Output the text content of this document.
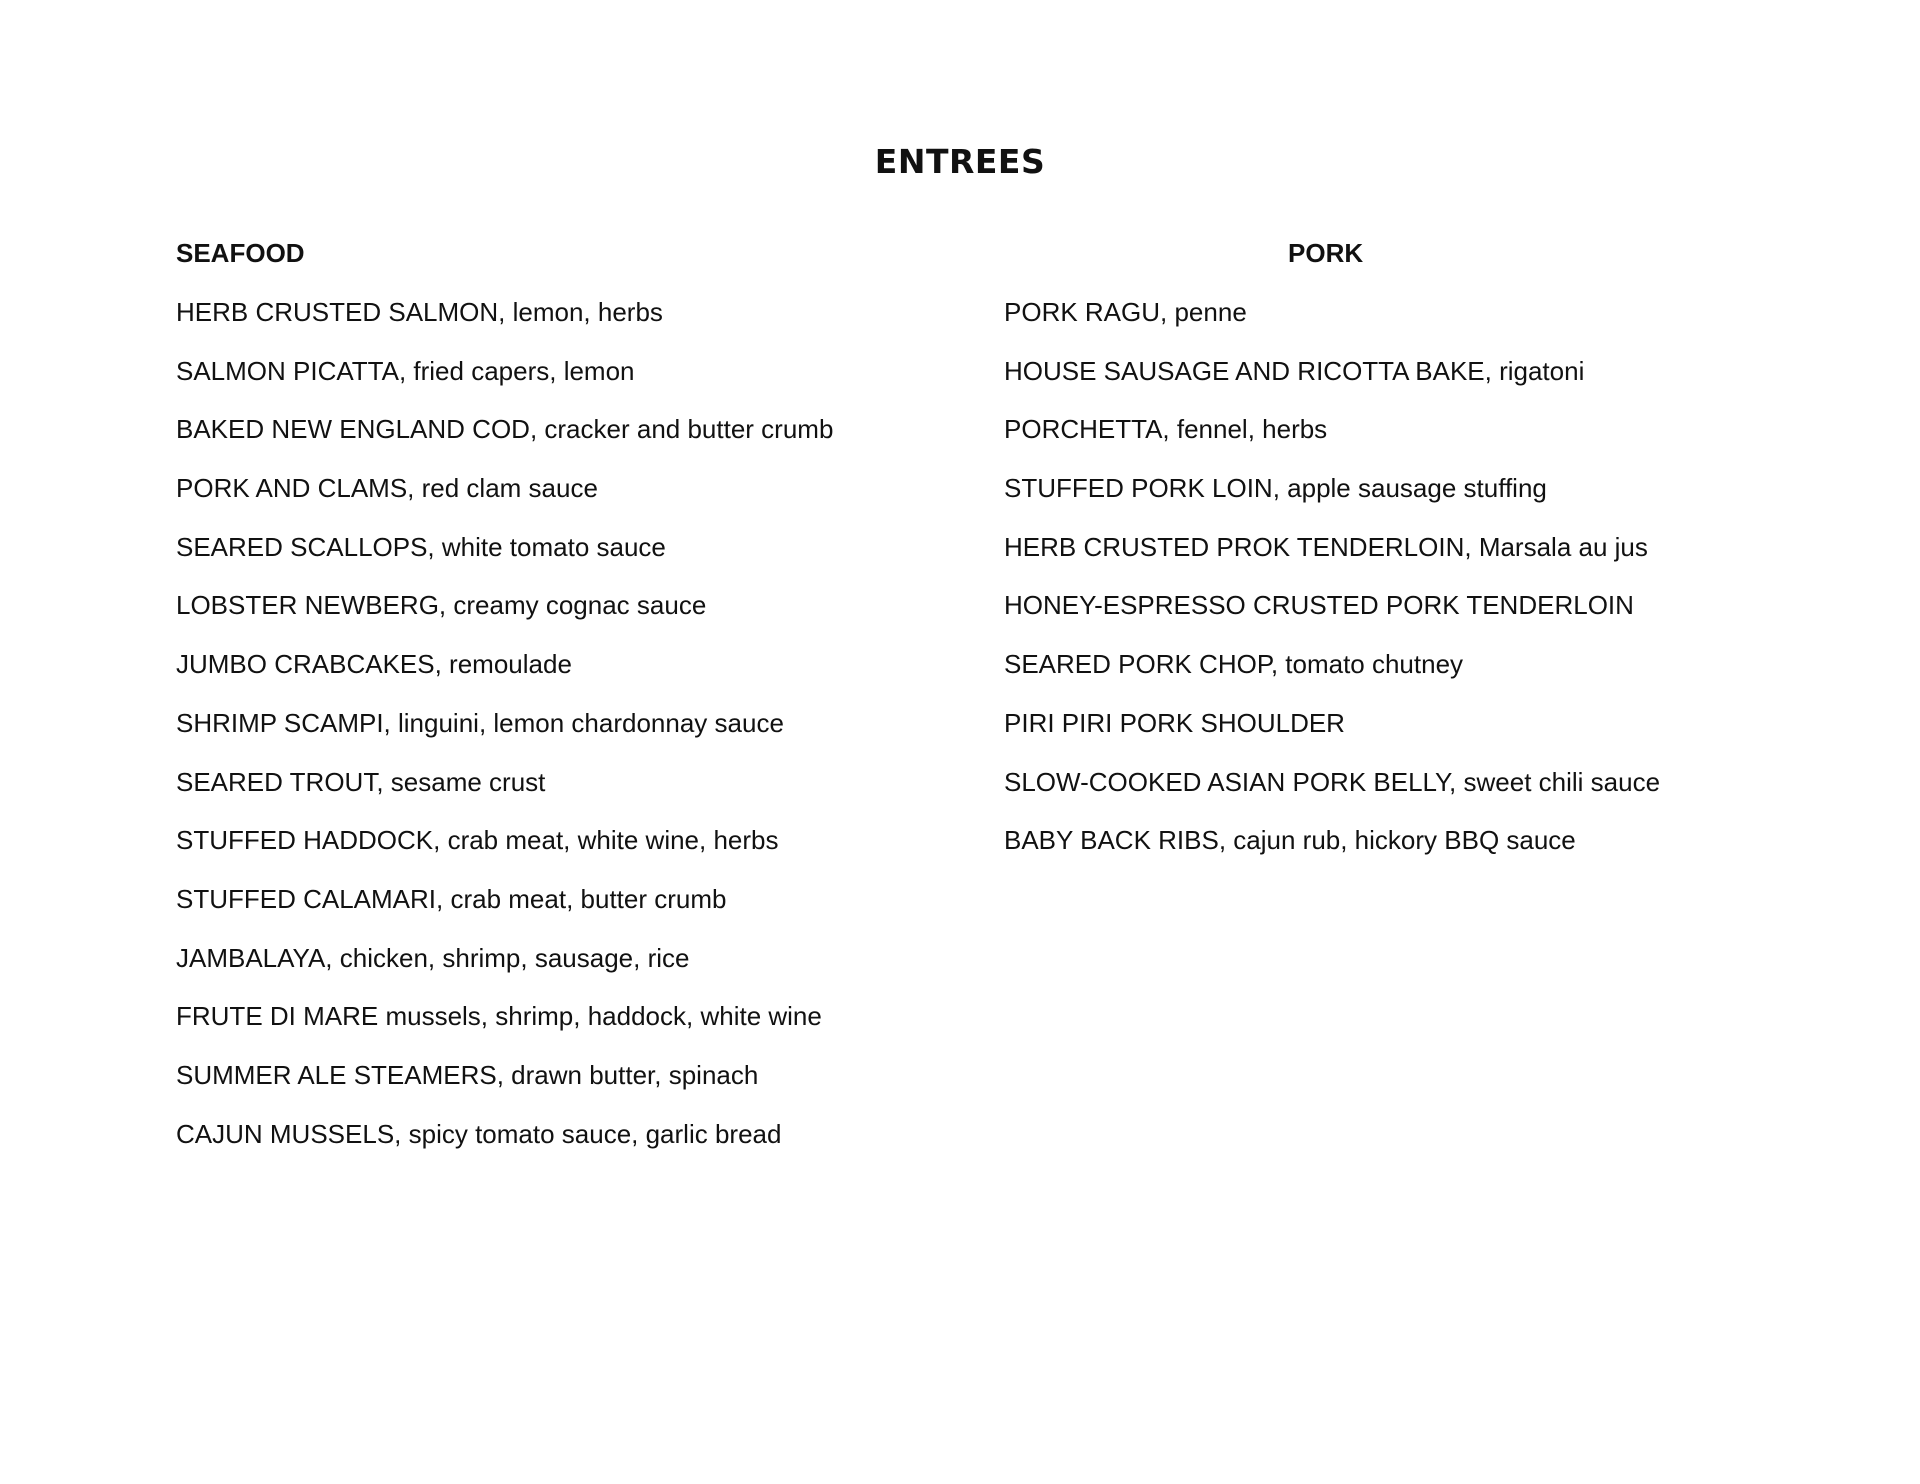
ENTREES
SEAFOOD
HERB CRUSTED SALMON, lemon, herbs
SALMON PICATTA, fried capers, lemon
BAKED NEW ENGLAND COD, cracker and butter crumb
PORK AND CLAMS, red clam sauce
SEARED SCALLOPS, white tomato sauce
LOBSTER NEWBERG, creamy cognac sauce
JUMBO CRABCAKES, remoulade
SHRIMP SCAMPI, linguini, lemon chardonnay sauce
SEARED TROUT, sesame crust
STUFFED HADDOCK, crab meat, white wine, herbs
STUFFED CALAMARI, crab meat, butter crumb
JAMBALAYA, chicken, shrimp, sausage, rice
FRUTE DI MARE mussels, shrimp, haddock, white wine
SUMMER ALE STEAMERS, drawn butter, spinach
CAJUN MUSSELS, spicy tomato sauce, garlic bread
PORK
PORK RAGU, penne
HOUSE SAUSAGE AND RICOTTA BAKE, rigatoni
PORCHETTA, fennel, herbs
STUFFED PORK LOIN, apple sausage stuffing
HERB CRUSTED PROK TENDERLOIN, Marsala au jus
HONEY-ESPRESSO CRUSTED PORK TENDERLOIN
SEARED PORK CHOP, tomato chutney
PIRI PIRI PORK SHOULDER
SLOW-COOKED ASIAN PORK BELLY, sweet chili sauce
BABY BACK RIBS, cajun rub, hickory BBQ sauce
